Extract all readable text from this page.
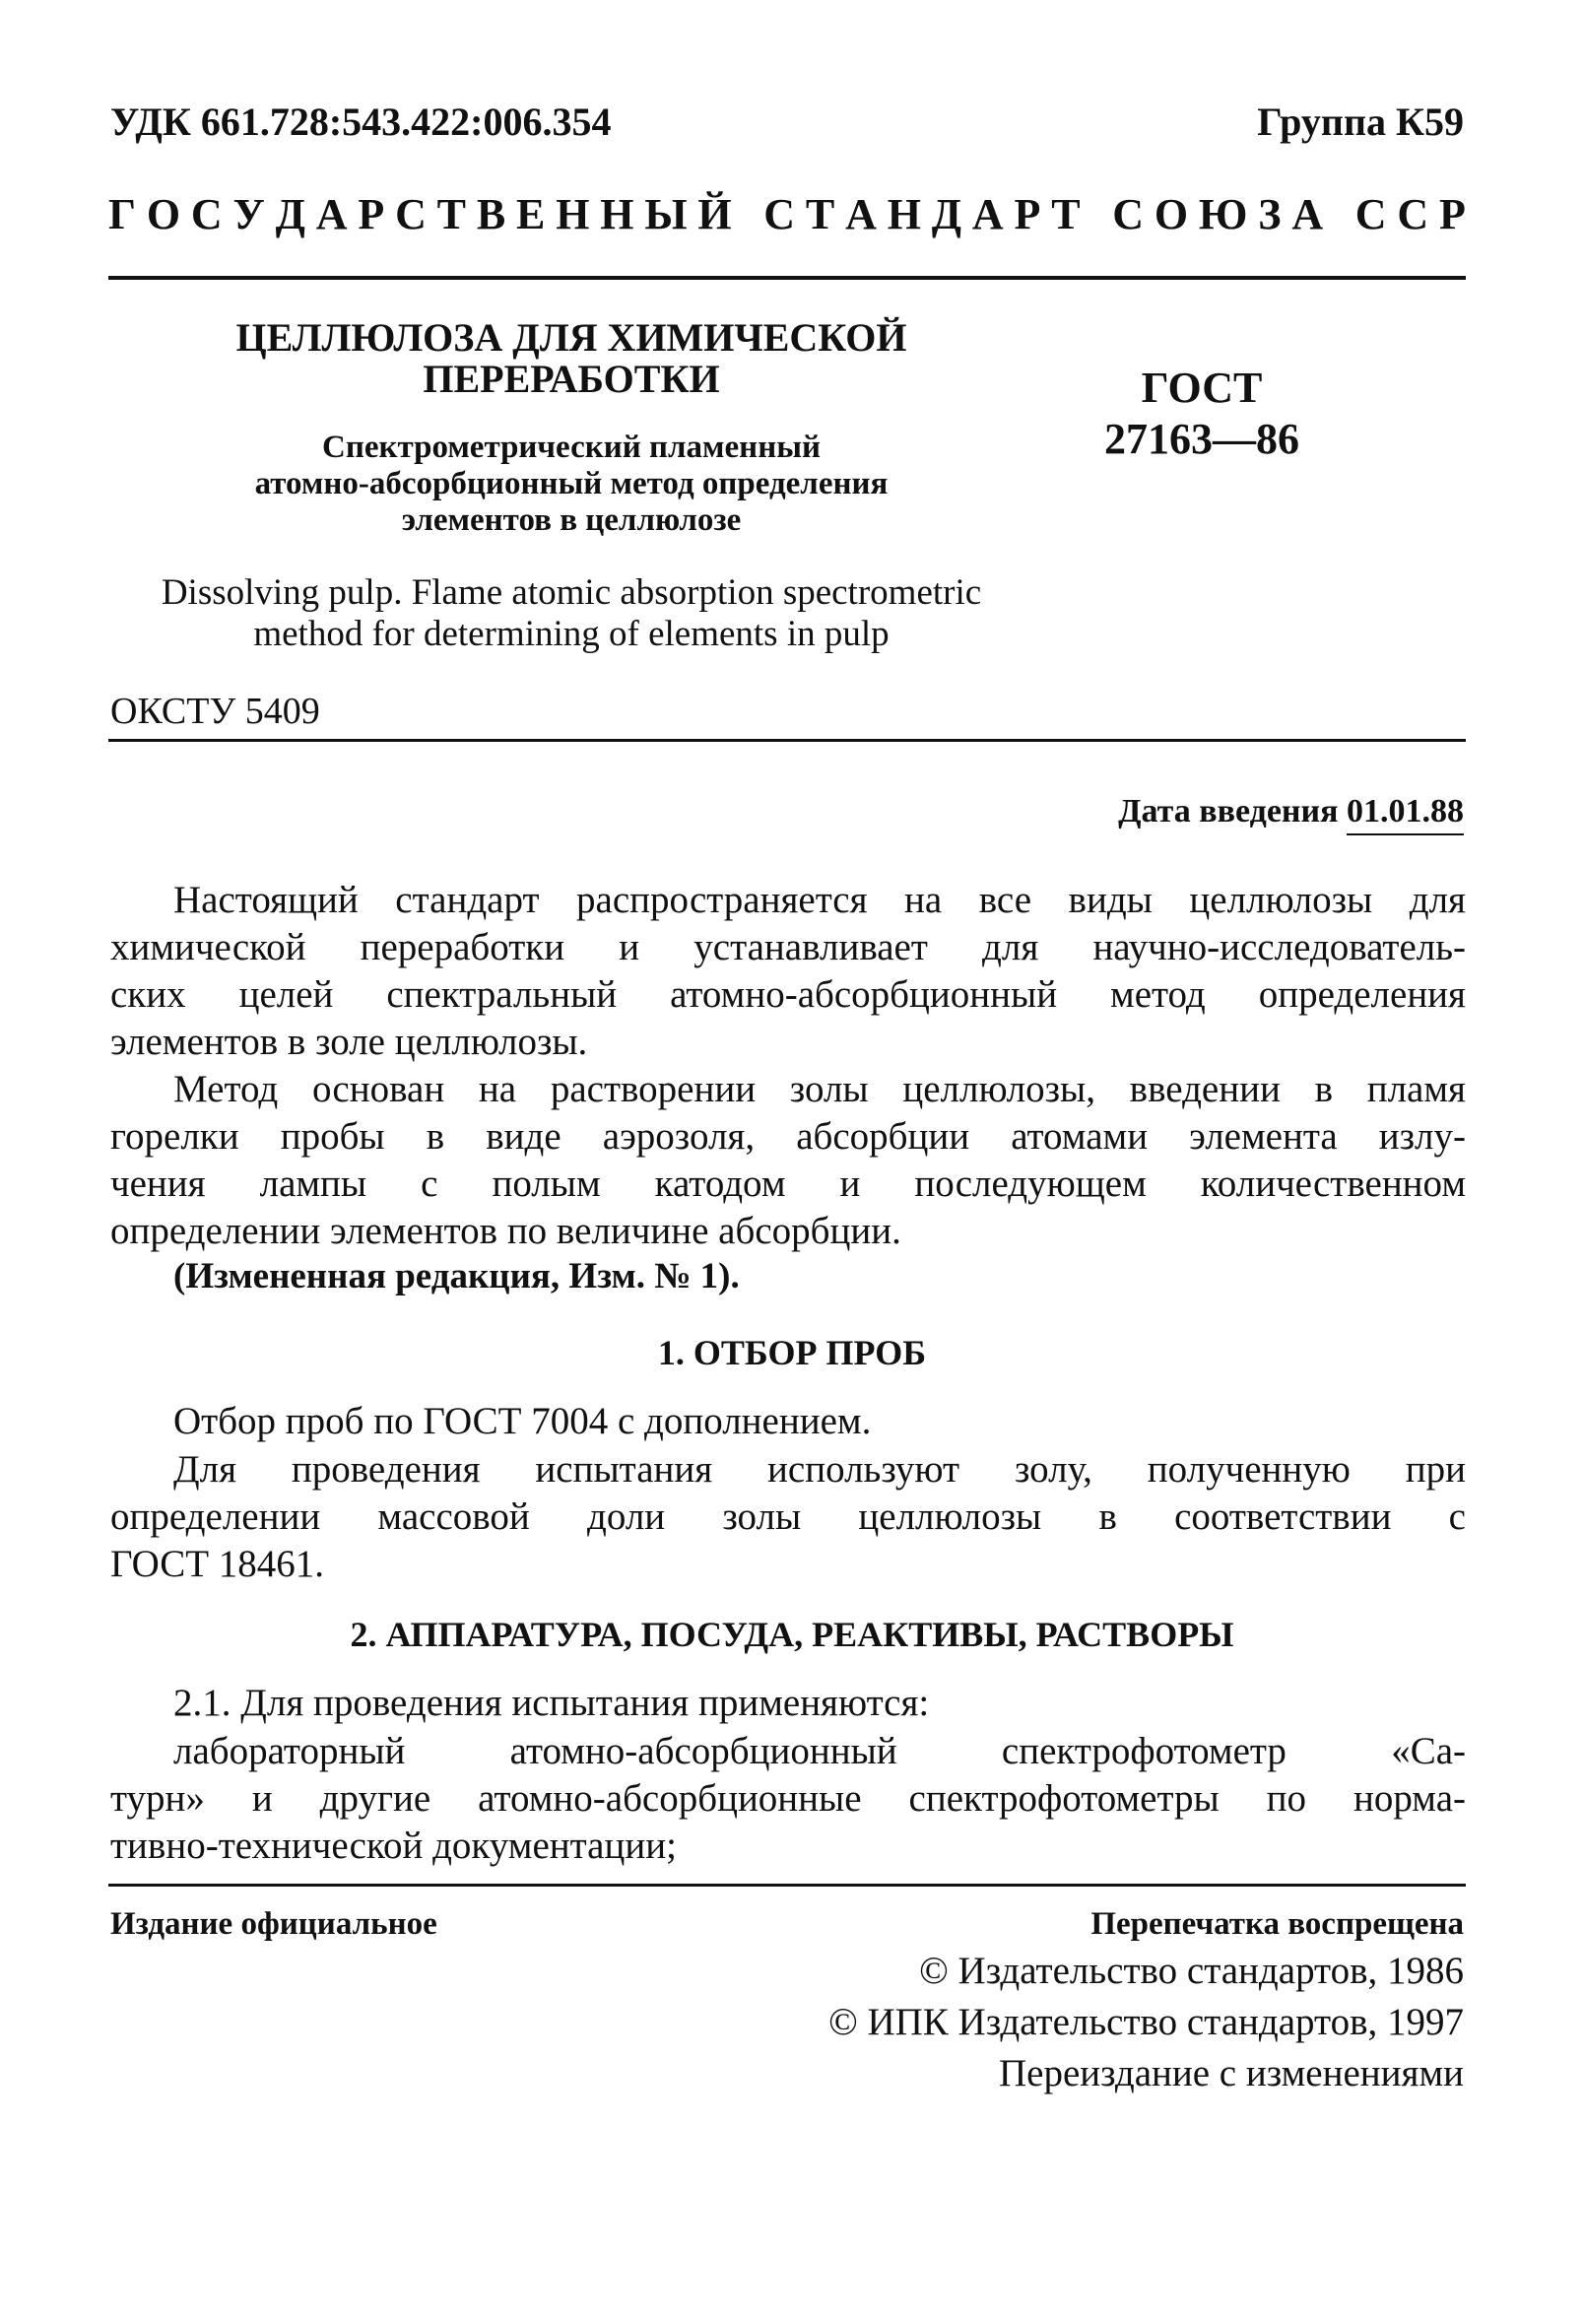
УДК 661.728:543.422:006.354	Группа К59
Г О С У Д А Р С Т В Е Н Н Ы Й
С Т А Н Д А Р Т
С О Ю З А
С С Р
ЦЕЛЛЮЛОЗА ДЛЯ ХИМИЧЕСКОЙ
ПЕРЕРАБОТКИ
Спектрометрический пламенный
атомно-абсорбционный метод определения
элементов в целлюлозе
Dissolving pulp. Flame atomic absorption spectrometric
method for determining of elements in pulp
ГОСТ
27163—86
ОКСТУ 5409
Дата введения 01.01.88
Настоящий стандарт распространяется на все виды целлюлозы для
химической переработки и устанавливает для научно-исследователь-
ских целей спектральный атомно-абсорбционный метод определения
элементов в золе целлюлозы.
Метод основан на растворении золы целлюлозы, введении в пламя
горелки пробы в виде аэрозоля, абсорбции атомами элемента излу-
чения лампы с полым катодом и последующем количественном
определении элементов по величине абсорбции.
(Измененная редакция, Изм. № 1).
1. ОТБОР ПРОБ
Отбор проб по ГОСТ 7004 с дополнением.
Для проведения испытания используют золу, полученную при
определении массовой доли золы целлюлозы в соответствии с
ГОСТ 18461.
2. АППАРАТУРА, ПОСУДА, РЕАКТИВЫ, РАСТВОРЫ
2.1. Для проведения испытания применяются:
лабораторный атомно-абсорбционный спектрофотометр «Са-
турн» и другие атомно-абсорбционные спектрофотометры по норма-
тивно-технической документации;
Издание официальное	Перепечатка воспрещена
© Издательство стандартов, 1986
© ИПК Издательство стандартов, 1997
Переиздание с изменениями
